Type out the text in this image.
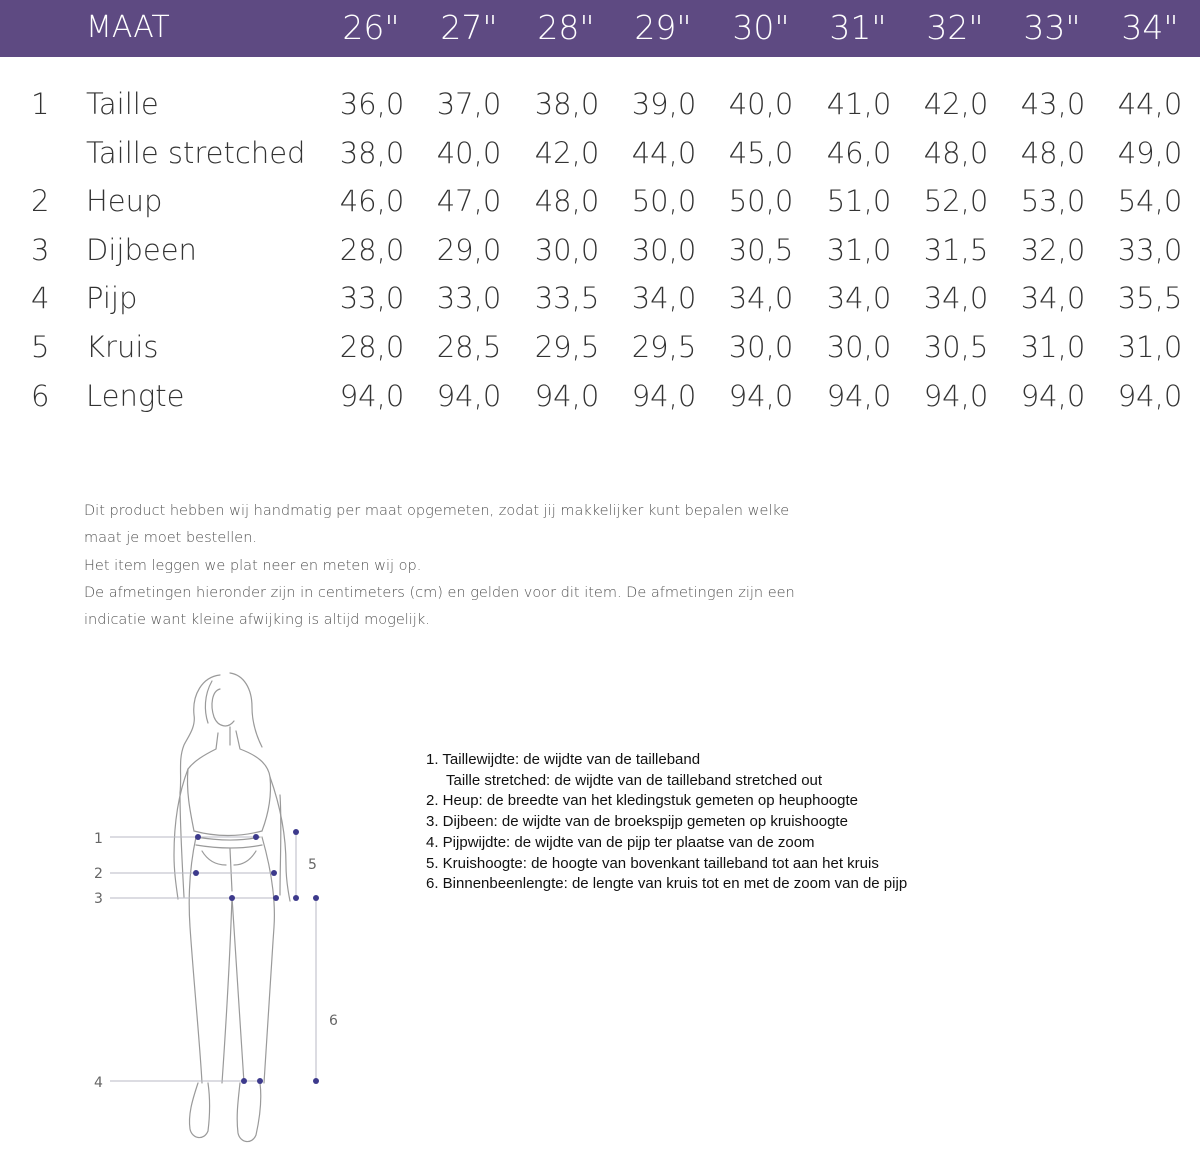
MAAT	26" 27" 28" 29" 30" 31" 32" 33" 34"
1 Taille	36,0 37,0 38,0 39,0 40,0 41,0 42,0 43,0 44,0
Taille stretched 38,0 40,0 42,0 44,0 45,0 46,0 48,0 48,0 49,0
2 Heup	46,0 47,0 48,0 50,0 50,0 51,0 52,0 53,0 54,0
3 Dijbeen	28,0 29,0 30,0 30,0 30,5 31,0 31,5 32,0 33,0
4 Pijp	33,0 33,0 33,5 34,0 34,0 34,0 34,0 34,0 35,5
5 Kruis	28,0 28,5 29,5 29,5 30,0 30,0 30,5 31,0 31,0
6 Lengte	94,0 94,0 94,0 94,0 94,0 94,0 94,0 94,0 94,0

Dit product hebben wij handmatig per maat opgemeten, zodat jij makkelijker kunt bepalen welke

maat je moet bestellen.

Het item leggen we plat neer en meten wij op.

De afmetingen hieronder zijn in centimeters (cm) en gelden voor dit item. De afmetingen zijn een

indicatie want kleine afwijking is altijd mogelijk.

1
2
3
4
5
6
1. Taillewijdte: de wijdte van de tailleband
Taille stretched: de wijdte van de tailleband stretched out
2. Heup: de breedte van het kledingstuk gemeten op heuphoogte
3. Dijbeen: de wijdte van de broekspijp gemeten op kruishoogte
4. Pijpwijdte: de wijdte van de pijp ter plaatse van de zoom
5. Kruishoogte: de hoogte van bovenkant tailleband tot aan het kruis
6. Binnenbeenlengte: de lengte van kruis tot en met de zoom van de pijp
